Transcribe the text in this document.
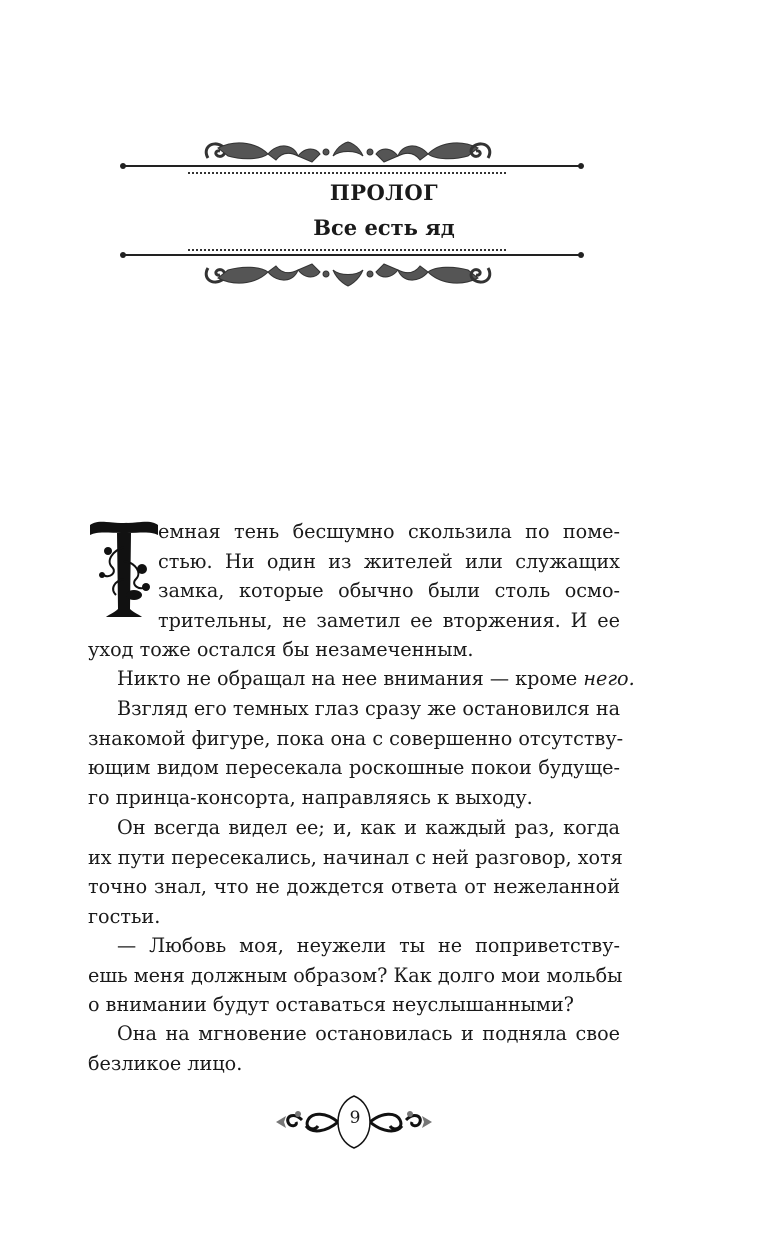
ПРОЛОГ
Все есть яд
Т
емная тень бесшумно скользила по поме-
стью. Ни один из жителей или служащих
замка, которые обычно были столь осмо-
трительны, не заметил ее вторжения. И ее
уход тоже остался бы незамеченным.
Никто не обращал на нее внимания — кроме него.
Взгляд его темных глаз сразу же остановился на
знакомой фигуре, пока она с совершенно отсутству-
ющим видом пересекала роскошные покои будуще-
го принца-консорта, направляясь к выходу.
Он всегда видел ее; и, как и каждый раз, когда
их пути пересекались, начинал с ней разговор, хотя
точно знал, что не дождется ответа от нежеланной
гостьи.
— Любовь моя, неужели ты не поприветству-
ешь меня должным образом? Как долго мои мольбы
о внимании будут оставаться неуслышанными?
Она на мгновение остановилась и подняла свое
безликое лицо.
9
